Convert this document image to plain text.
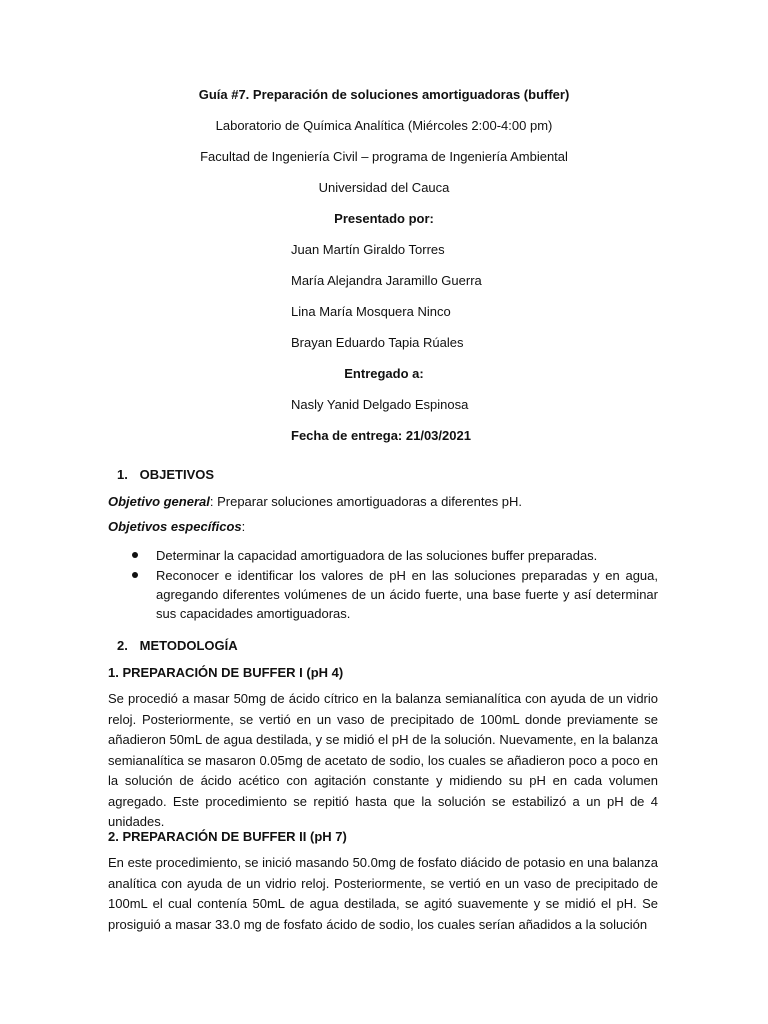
Guía #7. Preparación de soluciones amortiguadoras (buffer)
Laboratorio de Química Analítica (Miércoles 2:00-4:00 pm)
Facultad de Ingeniería Civil – programa de Ingeniería Ambiental
Universidad del Cauca
Presentado por:
Juan Martín Giraldo Torres
María Alejandra Jaramillo Guerra
Lina María Mosquera Ninco
Brayan Eduardo Tapia Rúales
Entregado a:
Nasly Yanid Delgado Espinosa
Fecha de entrega: 21/03/2021
1. OBJETIVOS
Objetivo general: Preparar soluciones amortiguadoras a diferentes pH.
Objetivos específicos:
Determinar la capacidad amortiguadora de las soluciones buffer preparadas.
Reconocer e identificar los valores de pH en las soluciones preparadas y en agua, agregando diferentes volúmenes de un ácido fuerte, una base fuerte y así determinar sus capacidades amortiguadoras.
2. METODOLOGÍA
1. PREPARACIÓN DE BUFFER I (pH 4)
Se procedió a masar 50mg de ácido cítrico en la balanza semianalítica con ayuda de un vidrio reloj. Posteriormente, se vertió en un vaso de precipitado de 100mL donde previamente se añadieron 50mL de agua destilada, y se midió el pH de la solución. Nuevamente, en la balanza semianalítica se masaron 0.05mg de acetato de sodio, los cuales se añadieron poco a poco en la solución de ácido acético con agitación constante y midiendo su pH en cada volumen agregado. Este procedimiento se repitió hasta que la solución se estabilizó a un pH de 4 unidades.
2. PREPARACIÓN DE BUFFER II (pH 7)
En este procedimiento, se inició masando 50.0mg de fosfato diácido de potasio en una balanza analítica con ayuda de un vidrio reloj. Posteriormente, se vertió en un vaso de precipitado de 100mL el cual contenía 50mL de agua destilada, se agitó suavemente y se midió el pH. Se prosiguió a masar 33.0 mg de fosfato ácido de sodio, los cuales serían añadidos a la solución
